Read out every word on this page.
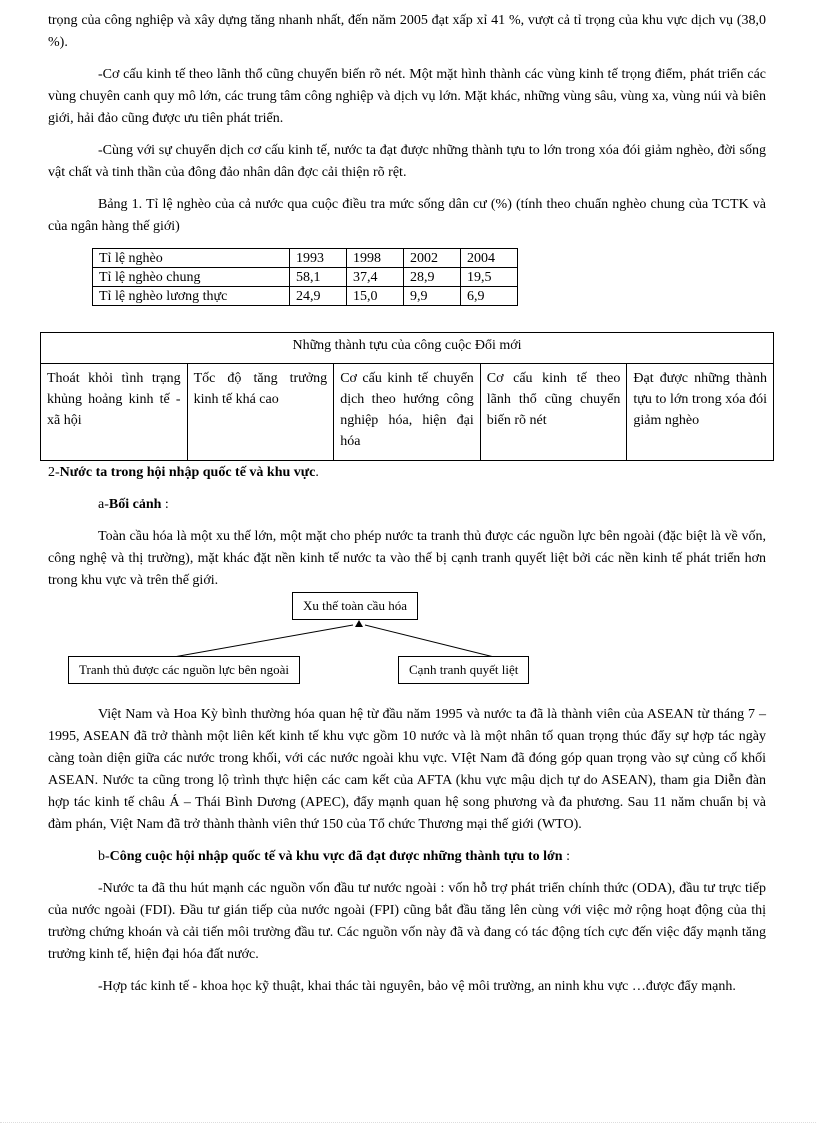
trọng của công nghiệp và xây dựng tăng nhanh nhất, đến năm 2005 đạt xấp xỉ 41 %, vượt cả tỉ trọng của khu vực dịch vụ (38,0 %).

-Cơ cấu kinh tế theo lãnh thổ cũng chuyển biến rõ nét. Một mặt hình thành các vùng kinh tế trọng điểm, phát triển các vùng chuyên canh quy mô lớn, các trung tâm công nghiệp và dịch vụ lớn. Mặt khác, những vùng sâu, vùng xa, vùng núi và biên giới, hải đảo cũng được ưu tiên phát triển.

-Cùng với sự chuyển dịch cơ cấu kinh tế, nước ta đạt được những thành tựu to lớn trong xóa đói giảm nghèo, đời sống vật chất và tinh thần của đông đảo nhân dân đợc cải thiện rõ rệt.

Bảng 1. Tỉ lệ nghèo của cả nước qua cuộc điều tra mức sống dân cư (%) (tính theo chuẩn nghèo chung của TCTK và của ngân hàng thế giới)

Tỉ lệ nghèo	1993	1998	2002	2004
Tỉ lệ nghèo chung	58,1	37,4	28,9	19,5
Tỉ lệ nghèo lương thực	24,9	15,0	9,9	6,9
Những thành tựu của công cuộc Đổi mới
Thoát khỏi tình trạng khủng hoảng kinh tế - xã hội	Tốc độ tăng trưởng kinh tế khá cao	Cơ cấu kinh tế chuyển dịch theo hướng công nghiệp hóa, hiện đại hóa	Cơ cấu kinh tế theo lãnh thổ cũng chuyển biến rõ nét	Đạt được những thành tựu to lớn trong xóa đói giảm nghèo

2-Nước ta trong hội nhập quốc tế và khu vực.

a-Bối cảnh :

Toàn cầu hóa là một xu thế lớn, một mặt cho phép nước ta tranh thủ được các nguồn lực bên ngoài (đặc biệt là về vốn, công nghệ và thị trường), mặt khác đặt nền kinh tế nước ta vào thế bị cạnh tranh quyết liệt bởi các nền kinh tế phát triển hơn trong khu vực và trên thế giới.

Xu thế toàn cầu hóa
Tranh thủ được các nguồn lực bên ngoài	Cạnh tranh quyết liệt

Việt Nam và Hoa Kỳ bình thường hóa quan hệ từ đầu năm 1995 và nước ta đã là thành viên của ASEAN từ tháng 7 – 1995, ASEAN đã trở thành một liên kết kinh tế khu vực gồm 10 nước và là một nhân tố quan trọng thúc đẩy sự hợp tác ngày càng toàn diện giữa các nước trong khối, với các nước ngoài khu vực. VIệt Nam đã đóng góp quan trọng vào sự củng cố khối ASEAN. Nước ta cũng trong lộ trình thực hiện các cam kết của AFTA (khu vực mậu dịch tự do ASEAN), tham gia Diễn đàn hợp tác kinh tế châu Á – Thái Bình Dương (APEC), đẩy mạnh quan hệ song phương và đa phương. Sau 11 năm chuẩn bị và đàm phán, Việt Nam đã trở thành thành viên thứ 150 của Tổ chức Thương mại thế giới (WTO).

b-Công cuộc hội nhập quốc tế và khu vực đã đạt được những thành tựu to lớn :

-Nước ta đã thu hút mạnh các nguồn vốn đầu tư nước ngoài : vốn hỗ trợ phát triển chính thức (ODA), đầu tư trực tiếp của nước ngoài (FDI). Đầu tư gián tiếp của nước ngoài (FPI) cũng bắt đầu tăng lên cùng với việc mở rộng hoạt động của thị trường chứng khoán và cải tiến môi trường đầu tư. Các nguồn vốn này đã và đang có tác động tích cực đến việc đẩy mạnh tăng trưởng kinh tế, hiện đại hóa đất nước.

-Hợp tác kinh tế - khoa học kỹ thuật, khai thác tài nguyên, bảo vệ môi trường, an ninh khu vực …được đẩy mạnh.
